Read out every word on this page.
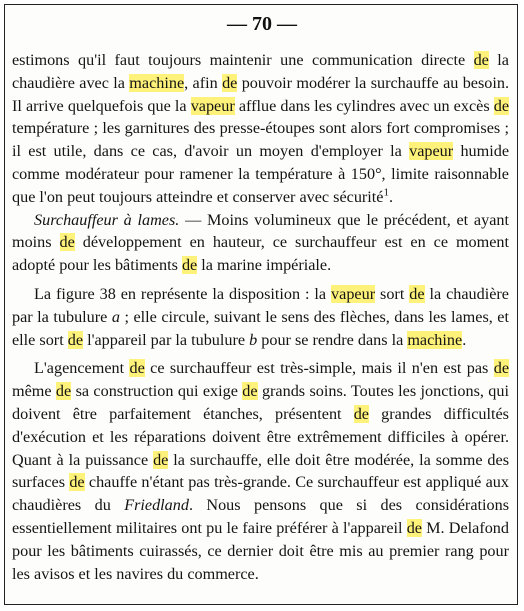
— 70 —

estimons qu'il faut toujours maintenir une communication directe de la chaudière avec la machine, afin de pouvoir modérer la surchauffe au besoin. Il arrive quelquefois que la vapeur afflue dans les cylindres avec un excès de température ; les garnitures des presse-étoupes sont alors fort compromises ; il est utile, dans ce cas, d'avoir un moyen d'employer la vapeur humide comme modérateur pour ramener la température à 150°, limite raisonnable que l'on peut toujours atteindre et conserver avec sécurité$^1$.

Surchauffeur à lames. — Moins volumineux que le précédent, et ayant moins de développement en hauteur, ce surchauffeur est en ce moment adopté pour les bâtiments de la marine impériale.

La figure 38 en représente la disposition : la vapeur sort de la chaudière par la tubulure a ; elle circule, suivant le sens des flèches, dans les lames, et elle sort de l'appareil par la tubulure b pour se rendre dans la machine.

L'agencement de ce surchauffeur est très-simple, mais il n'en est pas de même de sa construction qui exige de grands soins. Toutes les jonctions, qui doivent être parfaitement étanches, présentent de grandes difficultés d'exécution et les réparations doivent être extrêmement difficiles à opérer. Quant à la puissance de la surchauffe, elle doit être modérée, la somme des surfaces de chauffe n'étant pas très-grande. Ce surchauffeur est appliqué aux chaudières du Friedland. Nous pensons que si des considérations essentiellement militaires ont pu le faire préférer à l'appareil de M. Delafond pour les bâtiments cuirassés, ce dernier doit être mis au premier rang pour les avisos et les navires du commerce.
